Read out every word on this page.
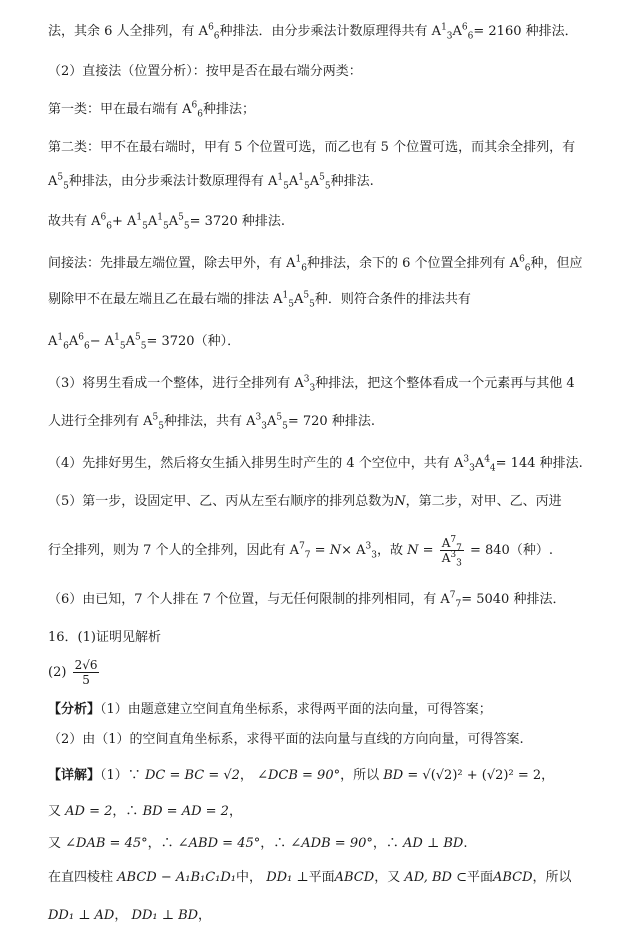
法，其余 6 人全排列，有 $A^6_6$种排法．由分步乘法计数原理得共有 $A^1_3A^6_6= 2160$ 种排法．
（2）直接法（位置分析）：按甲是否在最右端分两类：
第一类：甲在最右端有 $A^6_6$种排法；
第二类：甲不在最右端时，甲有 5 个位置可选，而乙也有 5 个位置可选，而其余全排列，有
$A^5_5$种排法，由分步乘法计数原理得有 $A^1_5A^1_5A^5_5$种排法.
故共有 $A^6_6+ A^1_5A^1_5A^5_5= 3720$ 种排法.
间接法：先排最左端位置，除去甲外，有 $A^1_6$种排法，余下的 6 个位置全排列有 $A^6_6$种，但应
剔除甲不在最左端且乙在最右端的排法 $A^1_5A^5_5$种．则符合条件的排法共有
$A^1_6A^6_6- A^1_5A^5_5= 3720$（种）．
（3）将男生看成一个整体，进行全排列有 $A^3_3$种排法，把这个整体看成一个元素再与其他 4
人进行全排列有 $A^5_5$种排法，共有 $A^3_3A^5_5= 720$ 种排法.
（4）先排好男生，然后将女生插入排男生时产生的 4 个空位中，共有 $A^3_3A^4_4= 144$ 种排法.
（5）第一步，设固定甲、乙、丙从左至右顺序的排列总数为N，第二步，对甲、乙、丙进
行全排列，则为 7 个人的全排列，因此有 $A^7_7 = N\times A^3_3$，故 $N = \frac{A^7_7}{A^3_3} = 840$（种）.
（6）由已知，7 个人排在 7 个位置，与无任何限制的排列相同，有 $A^7_7= 5040$ 种排法．
16．(1)证明见解析
$(2) \frac{2√6}{5}$
【分析】（1）由题意建立空间直角坐标系，求得两平面的法向量，可得答案；
（2）由（1）的空间直角坐标系，求得平面的法向量与直线的方向向量，可得答案.
【详解】（1）∵ DC = BC = √2， ∠DCB = 90°，所以 BD = √(√2)² + (√2)² = 2，
又 AD = 2，∴ BD = AD = 2，
又 ∠DAB = 45°，∴ ∠ABD = 45°，∴ ∠ADB = 90°，∴ AD ⊥ BD.
在直四棱柱 ABCD − A₁B₁C₁D₁中， DD₁ ⊥平面ABCD，又 AD, BD ⊂平面ABCD，所以
DD₁ ⊥ AD， DD₁ ⊥ BD，
